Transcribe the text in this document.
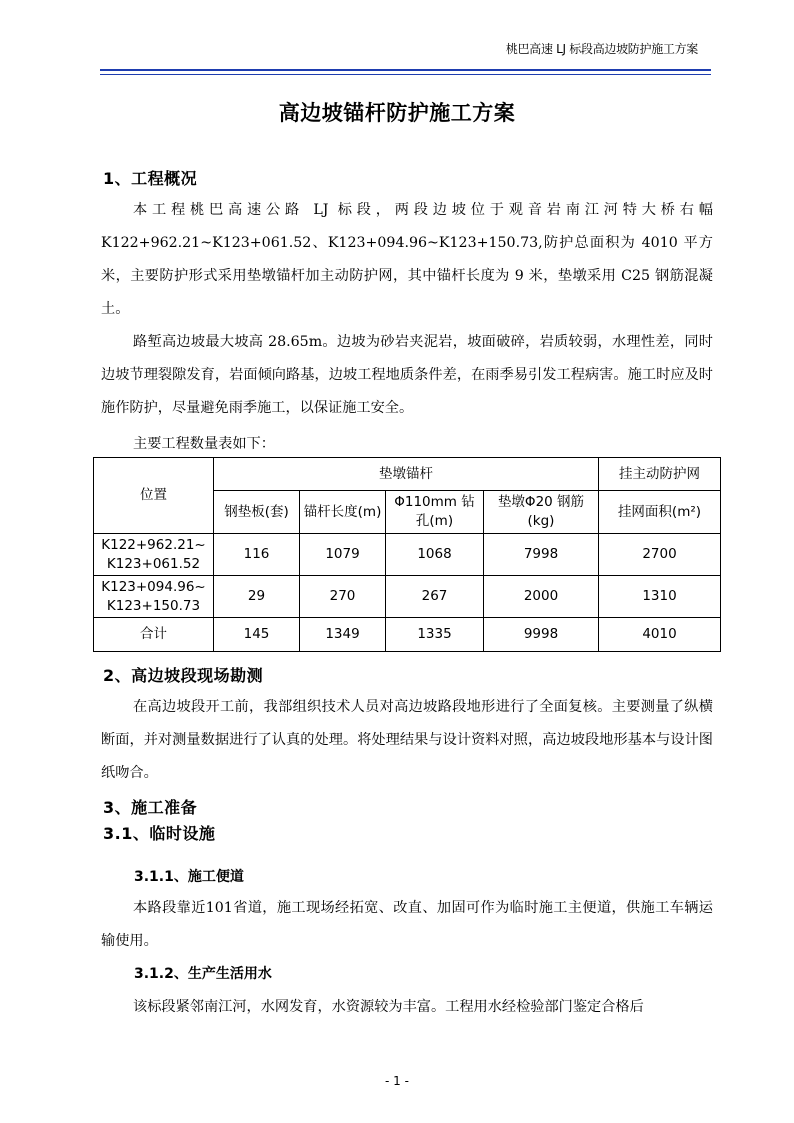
桃巴高速 LJ 标段高边坡防护施工方案
高边坡锚杆防护施工方案
1、工程概况
本工程桃巴高速公路 LJ 标段，两段边坡位于观音岩南江河特大桥右幅K122+962.21~K123+061.52、K123+094.96~K123+150.73,防护总面积为 4010 平方米，主要防护形式采用垫墩锚杆加主动防护网，其中锚杆长度为 9 米，垫墩采用 C25 钢筋混凝土。
路堑高边坡最大坡高 28.65m。边坡为砂岩夹泥岩，坡面破碎，岩质较弱，水理性差，同时边坡节理裂隙发育，岩面倾向路基，边坡工程地质条件差，在雨季易引发工程病害。施工时应及时施作防护，尽量避免雨季施工，以保证施工安全。
主要工程数量表如下：
位置	垫墩锚杆				挂主动防护网
	钢垫板(套)	锚杆长度(m)	Φ110mm 钻孔(m)	垫墩Φ20 钢筋(kg)	挂网面积(m²)
K122+962.21~
K123+061.52	116	1079	1068	7998	2700
K123+094.96~
K123+150.73	29	270	267	2000	1310
合计	145	1349	1335	9998	4010
2、高边坡段现场勘测
在高边坡段开工前，我部组织技术人员对高边坡路段地形进行了全面复核。主要测量了纵横断面，并对测量数据进行了认真的处理。将处理结果与设计资料对照，高边坡段地形基本与设计图纸吻合。
3、施工准备
3.1、临时设施
3.1.1、施工便道
本路段靠近101省道，施工现场经拓宽、改直、加固可作为临时施工主便道，供施工车辆运输使用。
3.1.2、生产生活用水
该标段紧邻南江河，水网发育，水资源较为丰富。工程用水经检验部门鉴定合格后
- 1 -
